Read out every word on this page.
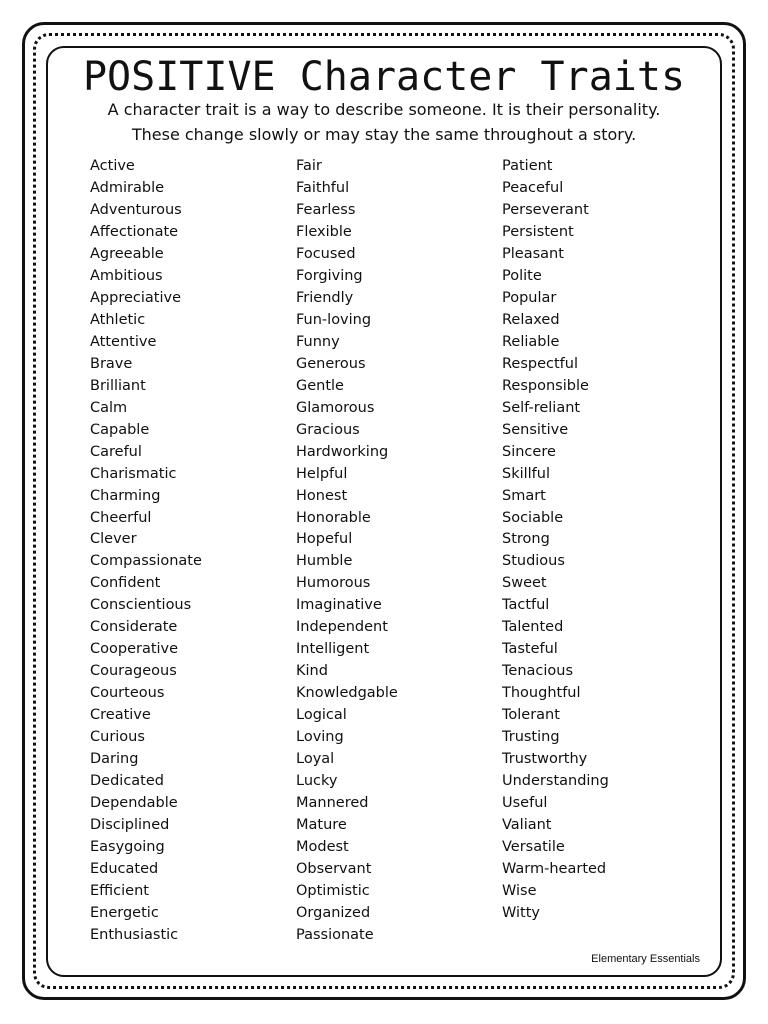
POSITIVE Character Traits

A character trait is a way to describe someone. It is their personality. These change slowly or may stay the same throughout a story.

Active
Admirable
Adventurous
Affectionate
Agreeable
Ambitious
Appreciative
Athletic
Attentive
Brave
Brilliant
Calm
Capable
Careful
Charismatic
Charming
Cheerful
Clever
Compassionate
Confident
Conscientious
Considerate
Cooperative
Courageous
Courteous
Creative
Curious
Daring
Dedicated
Dependable
Disciplined
Easygoing
Educated
Efficient
Energetic
Enthusiastic
Fair
Faithful
Fearless
Flexible
Focused
Forgiving
Friendly
Fun-loving
Funny
Generous
Gentle
Glamorous
Gracious
Hardworking
Helpful
Honest
Honorable
Hopeful
Humble
Humorous
Imaginative
Independent
Intelligent
Kind
Knowledgable
Logical
Loving
Loyal
Lucky
Mannered
Mature
Modest
Observant
Optimistic
Organized
Passionate
Patient
Peaceful
Perseverant
Persistent
Pleasant
Polite
Popular
Relaxed
Reliable
Respectful
Responsible
Self-reliant
Sensitive
Sincere
Skillful
Smart
Sociable
Strong
Studious
Sweet
Tactful
Talented
Tasteful
Tenacious
Thoughtful
Tolerant
Trusting
Trustworthy
Understanding
Useful
Valiant
Versatile
Warm-hearted
Wise
Witty
Elementary Essentials
